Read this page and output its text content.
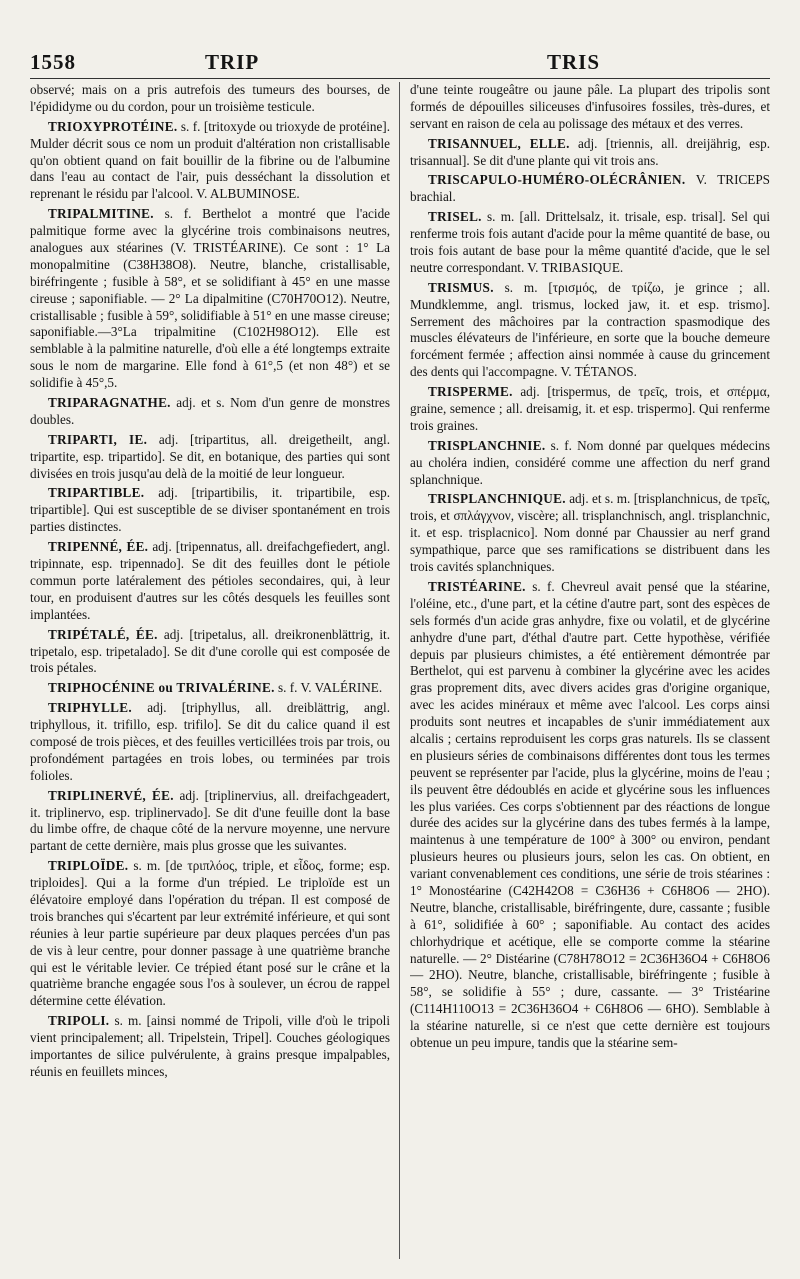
1558	TRIP	TRIS

observé; mais on a pris autrefois des tumeurs des bourses, de l'épididyme ou du cordon, pour un troisième testicule.

TRIOXYPROTÉINE. s. f. [tritoxyde ou trioxyde de protéine]. Mulder décrit sous ce nom un produit d'altération non cristallisable qu'on obtient quand on fait bouillir de la fibrine ou de l'albumine dans l'eau au contact de l'air, puis desséchant la dissolution et reprenant le résidu par l'alcool. V. ALBUMINOSE.

TRIPALMITINE. s. f. Berthelot a montré que l'acide palmitique forme avec la glycérine trois combinaisons neutres, analogues aux stéarines (V. TRISTÉARINE). Ce sont : 1° La monopalmitine (C38H38O8). Neutre, blanche, cristallisable, biréfringente ; fusible à 58°, et se solidifiant à 45° en une masse cireuse ; saponifiable. — 2° La dipalmitine (C70H70O12). Neutre, cristallisable ; fusible à 59°, solidifiable à 51° en une masse cireuse; saponifiable.—3°La tripalmitine (C102H98O12). Elle est semblable à la palmitine naturelle, d'où elle a été longtemps extraite sous le nom de margarine. Elle fond à 61°,5 (et non 48°) et se solidifie à 45°,5.

TRIPARAGNATHE. adj. et s. Nom d'un genre de monstres doubles.

TRIPARTI, IE. adj. [tripartitus, all. dreigetheilt, angl. tripartite, esp. tripartido]. Se dit, en botanique, des parties qui sont divisées en trois jusqu'au delà de la moitié de leur longueur.

TRIPARTIBLE. adj. [tripartibilis, it. tripartibile, esp. tripartible]. Qui est susceptible de se diviser spontanément en trois parties distinctes.

TRIPENNÉ, ÉE. adj. [tripennatus, all. dreifachgefiedert, angl. tripinnate, esp. tripennado]. Se dit des feuilles dont le pétiole commun porte latéralement des pétioles secondaires, qui, à leur tour, en produisent d'autres sur les côtés desquels les feuilles sont implantées.

TRIPÉTALÉ, ÉE. adj. [tripetalus, all. dreikronenblättrig, it. tripetalo, esp. tripetalado]. Se dit d'une corolle qui est composée de trois pétales.

TRIPHOCÉNINE ou TRIVALÉRINE. s. f. V. VALÉRINE.

TRIPHYLLE. adj. [triphyllus, all. dreiblättrig, angl. triphyllous, it. trifillo, esp. trifilo]. Se dit du calice quand il est composé de trois pièces, et des feuilles verticillées trois par trois, ou profondément partagées en trois lobes, ou terminées par trois folioles.

TRIPLINERVÉ, ÉE. adj. [triplinervius, all. dreifachgeadert, it. triplinervo, esp. triplinervado]. Se dit d'une feuille dont la base du limbe offre, de chaque côté de la nervure moyenne, une nervure partant de cette dernière, mais plus grosse que les suivantes.

TRIPLOÏDE. s. m. [de τριπλόος, triple, et εἶδος, forme; esp. triploides]. Qui a la forme d'un trépied. Le triploïde est un élévatoire employé dans l'opération du trépan. Il est composé de trois branches qui s'écartent par leur extrémité inférieure, et qui sont réunies à leur partie supérieure par deux plaques percées d'un pas de vis à leur centre, pour donner passage à une quatrième branche qui est le véritable levier. Ce trépied étant posé sur le crâne et la quatrième branche engagée sous l'os à soulever, un écrou de rappel détermine cette élévation.

TRIPOLI. s. m. [ainsi nommé de Tripoli, ville d'où le tripoli vient principalement; all. Tripelstein, Tripel]. Couches géologiques importantes de silice pulvérulente, à grains presque impalpables, réunis en feuillets minces,

d'une teinte rougeâtre ou jaune pâle. La plupart des tripolis sont formés de dépouilles siliceuses d'infusoires fossiles, très-dures, et servant en raison de cela au polissage des métaux et des verres.

TRISANNUEL, ELLE. adj. [triennis, all. dreijährig, esp. trisannual]. Se dit d'une plante qui vit trois ans.

TRISCAPULO-HUMÉRO-OLÉCRÂNIEN. V. TRICEPS brachial.

TRISEL. s. m. [all. Drittelsalz, it. trisale, esp. trisal]. Sel qui renferme trois fois autant d'acide pour la même quantité de base, ou trois fois autant de base pour la même quantité d'acide, que le sel neutre correspondant. V. TRIBASIQUE.

TRISMUS. s. m. [τρισμός, de τρίζω, je grince ; all. Mundklemme, angl. trismus, locked jaw, it. et esp. trismo]. Serrement des mâchoires par la contraction spasmodique des muscles élévateurs de l'inférieure, en sorte que la bouche demeure forcément fermée ; affection ainsi nommée à cause du grincement des dents qui l'accompagne. V. TÉTANOS.

TRISPERME. adj. [trispermus, de τρεῖς, trois, et σπέρμα, graine, semence ; all. dreisamig, it. et esp. trispermo]. Qui renferme trois graines.

TRISPLANCHNIE. s. f. Nom donné par quelques médecins au choléra indien, considéré comme une affection du nerf grand splanchnique.

TRISPLANCHNIQUE. adj. et s. m. [trisplanchnicus, de τρεῖς, trois, et σπλάγχνον, viscère; all. trisplanchnisch, angl. trisplanchnic, it. et esp. trisplacnico]. Nom donné par Chaussier au nerf grand sympathique, parce que ses ramifications se distribuent dans les trois cavités splanchniques.

TRISTÉARINE. s. f. Chevreul avait pensé que la stéarine, l'oléine, etc., d'une part, et la cétine d'autre part, sont des espèces de sels formés d'un acide gras anhydre, fixe ou volatil, et de glycérine anhydre d'une part, d'éthal d'autre part. Cette hypothèse, vérifiée depuis par plusieurs chimistes, a été entièrement démontrée par Berthelot, qui est parvenu à combiner la glycérine avec les acides gras proprement dits, avec divers acides gras d'origine organique, avec les acides minéraux et même avec l'alcool. Les corps ainsi produits sont neutres et incapables de s'unir immédiatement aux alcalis ; certains reproduisent les corps gras naturels. Ils se classent en plusieurs séries de combinaisons différentes dont tous les termes peuvent se représenter par l'acide, plus la glycérine, moins de l'eau ; ils peuvent être dédoublés en acide et glycérine sous les influences les plus variées. Ces corps s'obtiennent par des réactions de longue durée des acides sur la glycérine dans des tubes fermés à la lampe, maintenus à une température de 100° à 300° ou environ, pendant plusieurs heures ou plusieurs jours, selon les cas. On obtient, en variant convenablement ces conditions, une série de trois stéarines : 1° Monostéarine (C42H42O8 = C36H36 + C6H8O6 — 2HO). Neutre, blanche, cristallisable, biréfringente, dure, cassante ; fusible à 61°, solidifiée à 60° ; saponifiable. Au contact des acides chlorhydrique et acétique, elle se comporte comme la stéarine naturelle. — 2° Distéarine (C78H78O12 = 2C36H36O4 + C6H8O6 — 2HO). Neutre, blanche, cristallisable, biréfringente ; fusible à 58°, se solidifie à 55° ; dure, cassante. — 3° Tristéarine (C114H110O13 = 2C36H36O4 + C6H8O6 — 6HO). Semblable à la stéarine naturelle, si ce n'est que cette dernière est toujours obtenue un peu impure, tandis que la stéarine sem-
